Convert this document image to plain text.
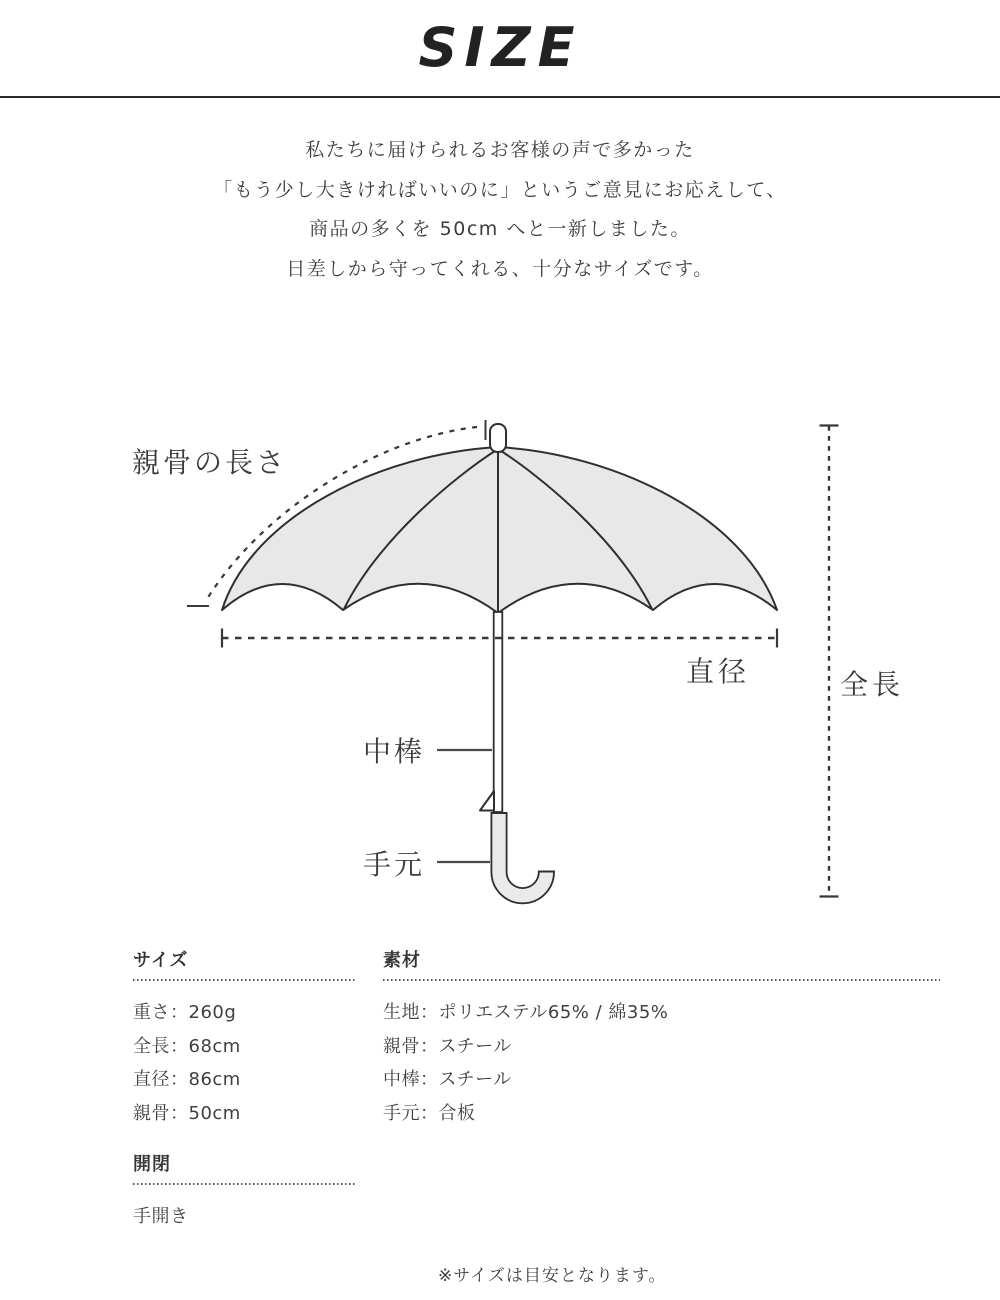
SIZE
私たちに届けられるお客様の声で多かった
「もう少し大きければいいのに」というご意見にお応えして、
商品の多くを 50cm へと一新しました。
日差しから守ってくれる、十分なサイズです。
親骨の長さ
直径	全長
中棒
手元
サイズ
重さ：260g
全長：68cm
直径：86cm
親骨：50cm
素材
生地：ポリエステル65% / 綿35%
親骨：スチール
中棒：スチール
手元：合板
開閉
手開き
※サイズは目安となります。
